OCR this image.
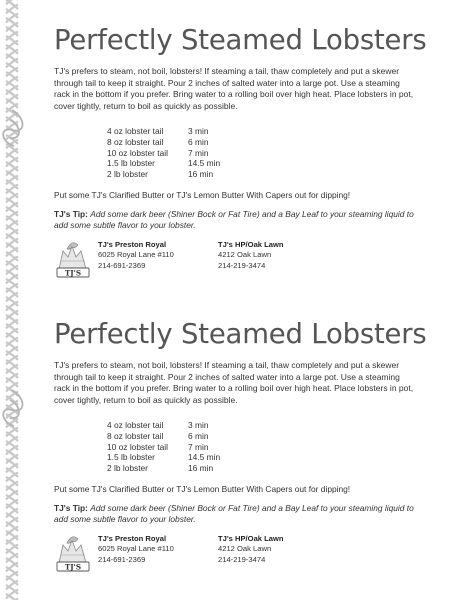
Perfectly Steamed Lobsters

TJ's prefers to steam, not boil, lobsters! If steaming a tail, thaw completely and put a skewer through tail to keep it straight. Pour 2 inches of salted water into a large pot. Use a steaming rack in the bottom if you prefer. Bring water to a rolling boil over high heat. Place lobsters in pot, cover tightly, return to boil as quickly as possible.

4 oz lobster tail	3 min
8 oz lobster tail	6 min
10 oz lobster tail	7 min
1.5 lb lobster	14.5 min
2 lb lobster	16 min

Put some TJ's Clarified Butter or TJ's Lemon Butter With Capers out for dipping!

TJ's Tip: Add some dark beer (Shiner Bock or Fat Tire) and a Bay Leaf to your steaming liquid to add some subtle flavor to your lobster.

TJ'S
TJ's Preston Royal
6025 Royal Lane #110
214-691-2369
TJ's HP/Oak Lawn
4212 Oak Lawn
214-219-3474
Perfectly Steamed Lobsters

TJ's prefers to steam, not boil, lobsters! If steaming a tail, thaw completely and put a skewer through tail to keep it straight. Pour 2 inches of salted water into a large pot. Use a steaming rack in the bottom if you prefer. Bring water to a rolling boil over high heat. Place lobsters in pot, cover tightly, return to boil as quickly as possible.

4 oz lobster tail	3 min
8 oz lobster tail	6 min
10 oz lobster tail	7 min
1.5 lb lobster	14.5 min
2 lb lobster	16 min

Put some TJ's Clarified Butter or TJ's Lemon Butter With Capers out for dipping!

TJ's Tip: Add some dark beer (Shiner Bock or Fat Tire) and a Bay Leaf to your steaming liquid to add some subtle flavor to your lobster.

TJ'S
TJ's Preston Royal
6025 Royal Lane #110
214-691-2369
TJ's HP/Oak Lawn
4212 Oak Lawn
214-219-3474
